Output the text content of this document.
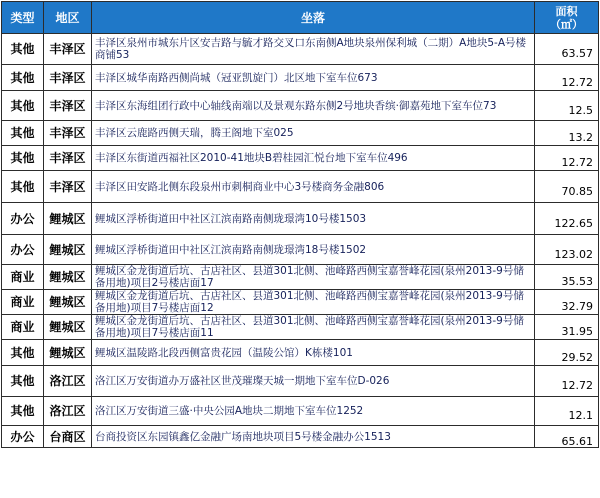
类型	地区	坐落	面积
（㎡）
其他	丰泽区	丰泽区泉州市城东片区安吉路与毓才路交叉口东南侧A地块泉州保利城（二期）A地块5-A号楼商铺53	63.57
其他	丰泽区	丰泽区城华南路西侧尚城（冠亚凯旋门）北区地下室车位673	12.72
其他	丰泽区	丰泽区东海组团行政中心轴线南端以及景观东路东侧2号地块香缤·御嘉苑地下室车位73	12.5
其他	丰泽区	丰泽区云鹿路西侧天瑞，腾王阁地下室025	13.2
其他	丰泽区	丰泽区东街道西福社区2010-41地块B碧桂园汇悦台地下室车位496	12.72
其他	丰泽区	丰泽区田安路北侧东段泉州市刺桐商业中心3号楼商务金融806	70.85
办公	鲤城区	鲤城区浮桥街道田中社区江滨南路南侧珑璟湾10号楼1503	122.65
办公	鲤城区	鲤城区浮桥街道田中社区江滨南路南侧珑璟湾18号楼1502	123.02
商业	鲤城区	鲤城区金龙街道后坑、古店社区、县道301北侧、池峰路西侧宝嘉誉峰花园(泉州2013-9号储备用地)项目2号楼店面17	35.53
商业	鲤城区	鲤城区金龙街道后坑、古店社区、县道301北侧、池峰路西侧宝嘉誉峰花园(泉州2013-9号储备用地)项目7号楼店面12	32.79
商业	鲤城区	鲤城区金龙街道后坑、古店社区、县道301北侧、池峰路西侧宝嘉誉峰花园(泉州2013-9号储备用地)项目7号楼店面11	31.95
其他	鲤城区	鲤城区温陵路北段西侧富贵花园（温陵公馆）K栋楼101	29.52
其他	洛江区	洛江区万安街道办万盛社区世茂璀璨天城一期地下室车位D-026	12.72
其他	洛江区	洛江区万安街道三盛·中央公园A地块二期地下室车位1252	12.1
办公	台商区	台商投资区东园镇鑫亿金融广场南地块项目5号楼金融办公1513	65.61
